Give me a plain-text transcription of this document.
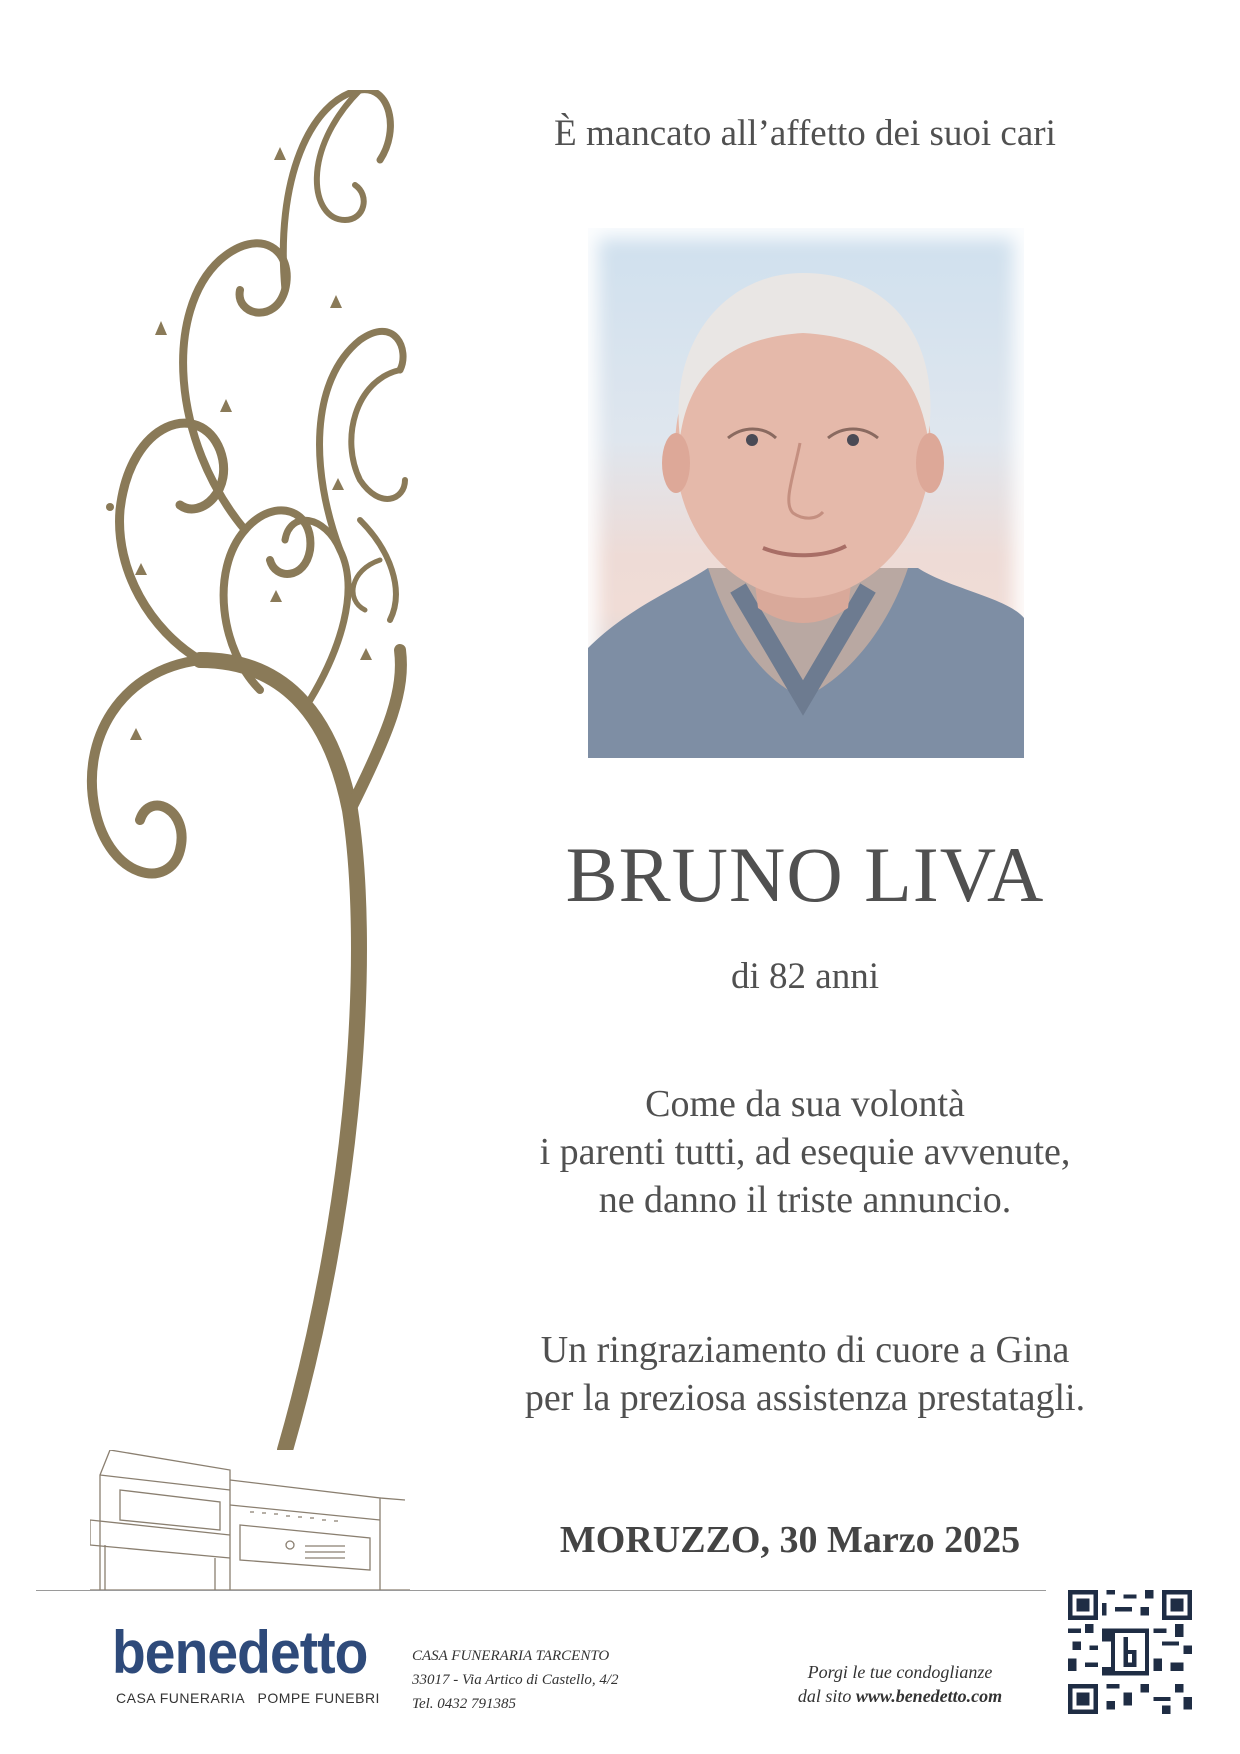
È mancato all’affetto dei suoi cari
BRUNO LIVA
di 82 anni
Come da sua volontà
i parenti tutti, ad esequie avvenute,
ne danno il triste annuncio.
Un ringraziamento di cuore a Gina
per la preziosa assistenza prestatagli.
MORUZZO, 30 Marzo 2025
benedetto
CASA FUNERARIA   POMPE FUNEBRI
CASA FUNERARIA TARCENTO
33017 - Via Artico di Castello, 4/2
Tel. 0432 791385
Porgi le tue condoglianze
dal sito www.benedetto.com
